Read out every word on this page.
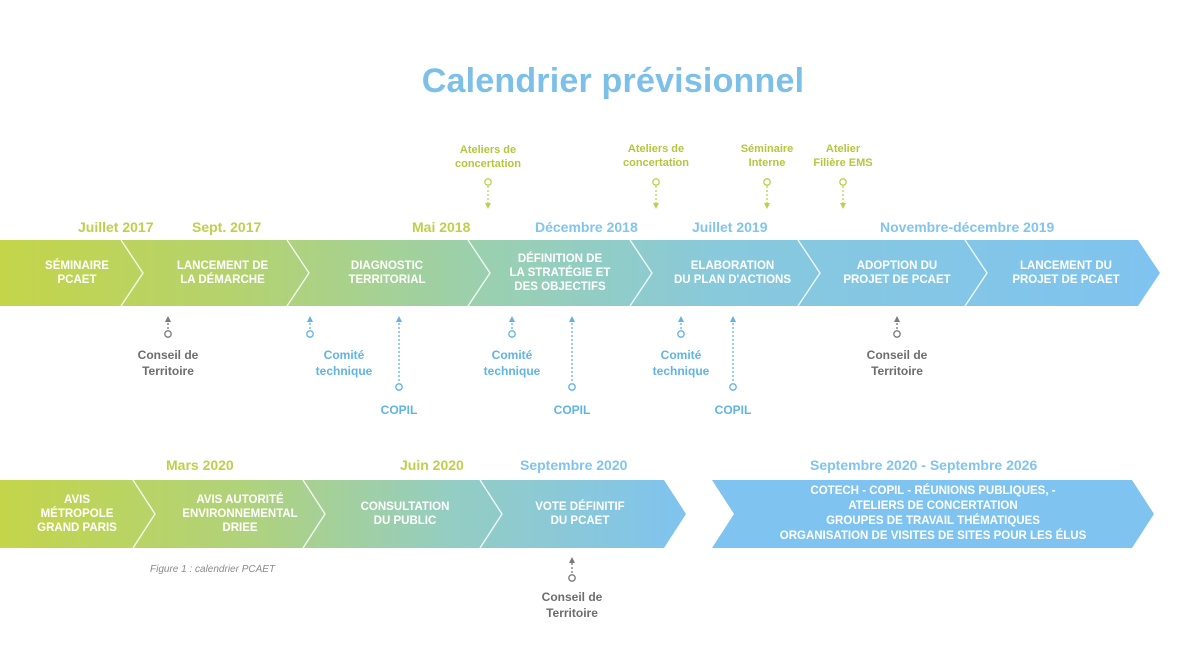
Calendrier prévisionnel
Juillet 2017	Sept. 2017	Mai 2018	Décembre 2018	Juillet 2019	Novembre-décembre 2019
SÉMINAIRE
PCAET
LANCEMENT DE
LA DÉMARCHE
DIAGNOSTIC
TERRITORIAL
DÉFINITION DE
LA STRATÉGIE ET
DES OBJECTIFS
ELABORATION
DU PLAN D'ACTIONS
ADOPTION DU
PROJET DE PCAET
LANCEMENT DU
PROJET DE PCAET
Ateliers de
concertation
Ateliers de
concertation
Séminaire
Interne
Atelier
Filière EMS
Conseil de
Territoire
Comité
technique
COPIL
Comité
technique
COPIL
Comité
technique
COPIL
Conseil de
Territoire
Mars 2020	Juin 2020	Septembre 2020	Septembre 2020 - Septembre 2026
AVIS
MÉTROPOLE
GRAND PARIS
AVIS AUTORITÉ
ENVIRONNEMENTAL
DRIEE
CONSULTATION
DU PUBLIC
VOTE DÉFINITIF
DU PCAET
COTECH - COPIL - RÉUNIONS PUBLIQUES, -
ATELIERS DE CONCERTATION
GROUPES DE TRAVAIL THÉMATIQUES
ORGANISATION DE VISITES DE SITES POUR LES ÉLUS
Conseil de
Territoire
Figure 1 : calendrier PCAET
